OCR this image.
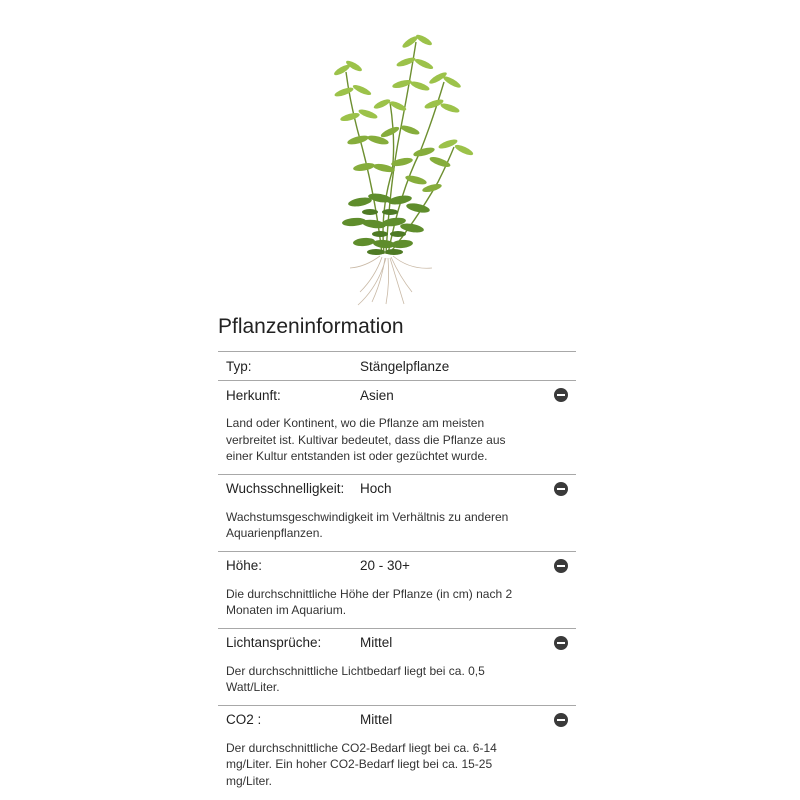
Pflanzeninformation
Typ:	Stängelpflanze
Herkunft:	Asien
Land oder Kontinent, wo die Pflanze am meisten verbreitet ist. Kultivar bedeutet, dass die Pflanze aus einer Kultur entstanden ist oder gezüchtet wurde.
Wuchsschnelligkeit: Hoch
Wachstumsgeschwindigkeit im Verhältnis zu anderen Aquarienpflanzen.
Höhe:	20 - 30+
Die durchschnittliche Höhe der Pflanze (in cm) nach 2 Monaten im Aquarium.
Lichtansprüche:	Mittel
Der durchschnittliche Lichtbedarf liegt bei ca. 0,5 Watt/Liter.
CO2 :	Mittel
Der durchschnittliche CO2-Bedarf liegt bei ca. 6-14 mg/Liter. Ein hoher CO2-Bedarf liegt bei ca. 15-25 mg/Liter.
